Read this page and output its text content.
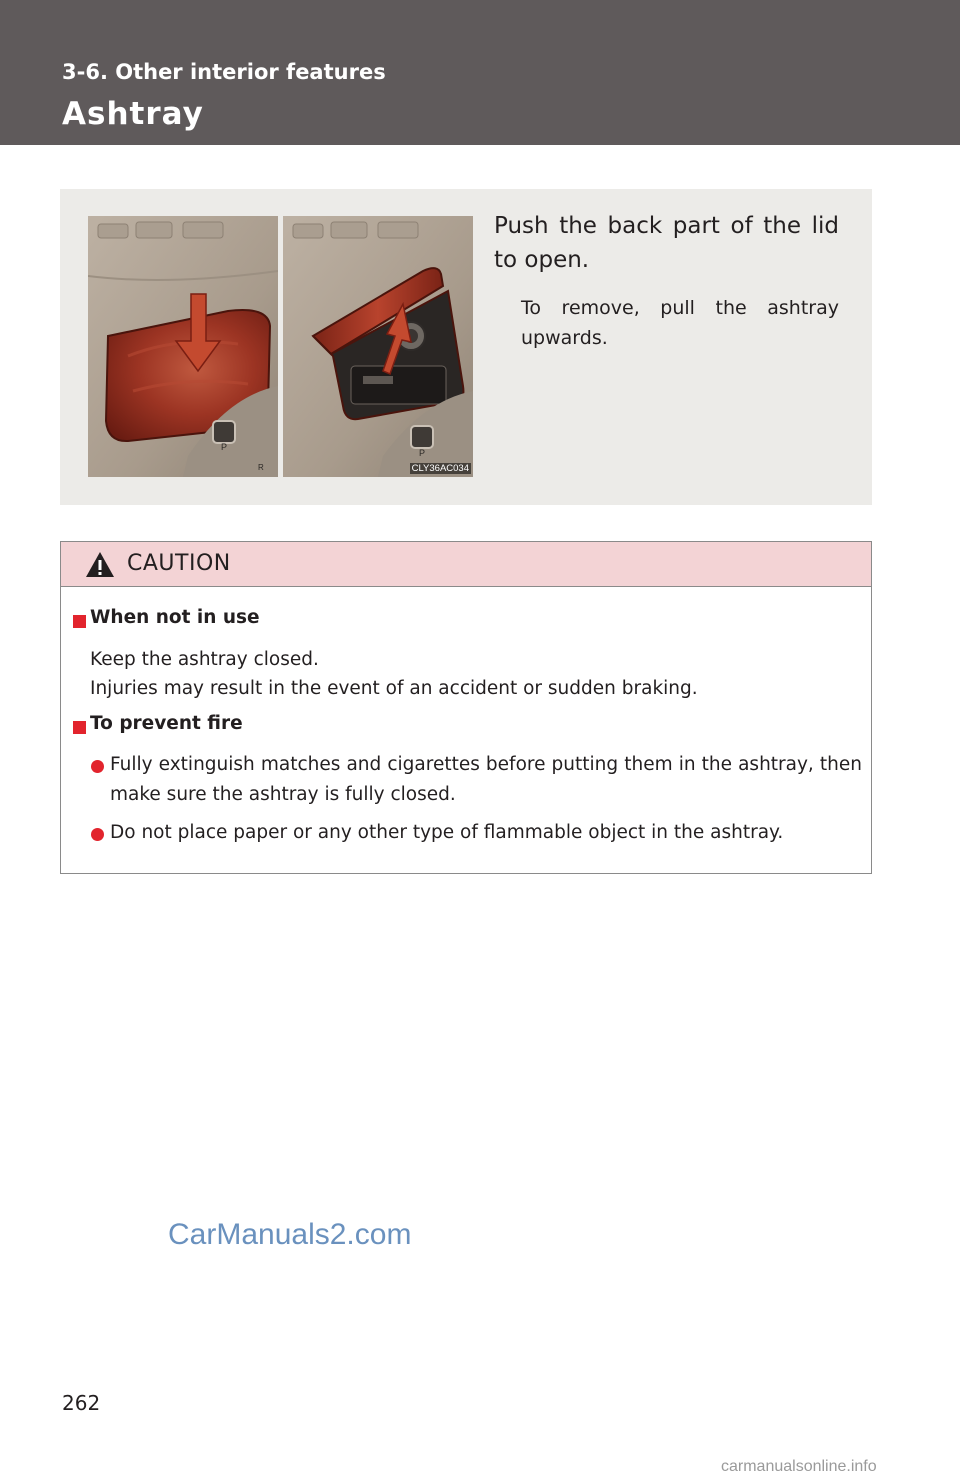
3-6. Other interior features
Ashtray
P
R
P
CLY36AC034
Push the back part of the lid to open.
To remove, pull the ashtray
upwards.
CAUTION
When not in use
Keep the ashtray closed.
Injuries may result in the event of an accident or sudden braking.
To prevent fire
Fully extinguish matches and cigarettes before putting them in the ashtray, then
make sure the ashtray is fully closed.
Do not place paper or any other type of flammable object in the ashtray.
CarManuals2.com
262
carmanualsonline.info
